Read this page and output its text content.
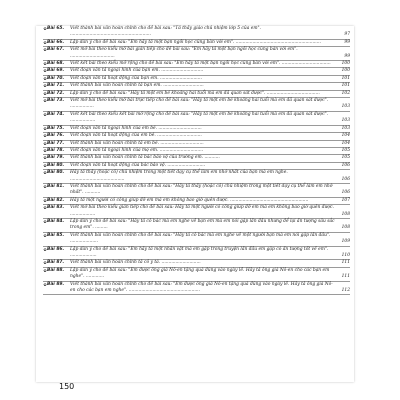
✿ Bài 65.	Viết thành bài văn hoàn chỉnh cho đề bài sau: "Tả thầy giáo chủ nhiệm lớp 5 của em". ..........................................................	97
✿ Bài 66.	Lập dàn ý cho đề bài sau: "Em hãy tả một bạn ngồi học cùng bàn với em". .............................................................	99
✿ Bài 67.	Viết mở bài theo kiểu mở bài gián tiếp cho đề bài sau: "Em hãy tả một bạn ngồi học cùng bàn với em". ................................	99
✿ Bài 68.	Viết kết bài theo kiểu mở rộng cho đề bài sau: "Em hãy tả một bạn ngồi học cùng bàn với em". ...................................	100
✿ Bài 69.	Viết đoạn văn tả ngoại hình của bạn em. ..............................	100
✿ Bài 70.	Viết đoạn văn tả hoạt động của bạn em. ..............................	101
✿ Bài 71.	Viết thành bài văn hoàn chỉnh tả bạn em. .............................	101
✿ Bài 72.	Lập dàn ý cho đề bài sau: "Hãy tả một em bé khoảng hai tuổi mà em đã quan sát được". ......................................	102
✿ Bài 73.	Viết mở bài theo kiểu mở bài trực tiếp cho đề bài sau: "Hãy tả một em bé khoảng hai tuổi mà em đã quan sát được". .................	103
✿ Bài 74.	Viết kết bài theo kiểu kết bài mở rộng cho đề bài sau: "Hãy tả một em bé khoảng hai tuổi mà em đã quan sát được". ..................	103
✿ Bài 75.	Viết đoạn văn tả ngoại hình của em bé. ...............................	103
✿ Bài 76.	Viết đoạn văn tả hoạt động của em bé. ................................	104
✿ Bài 77.	Viết thành bài văn hoàn chỉnh tả em bé. ...............................	104
✿ Bài 78.	Viết đoạn văn tả ngoại hình của mẹ em. ...............................	105
✿ Bài 79.	Viết thành bài văn hoàn chỉnh tả bác bảo vệ của trường em. ...........	105
✿ Bài 80.	Viết đoạn văn tả hoạt động của bác bảo vệ. ...........................	106
✿ Bài 80.	Hãy tả thầy (hoặc cô) chủ nhiệm trong một tiết dạy cụ thể làm em nhớ nhất của bạn mà em nghe. .......................................	106
✿ Bài 81.	Viết thành bài văn hoàn chỉnh cho đề bài sau: "Hãy tả thầy (hoặc cô) chủ nhiệm trong một tiết dạy cụ thể làm em nhớ nhất". ...........	106
✿ Bài 82.	Hãy tả một người có công giúp đỡ em mà em không bao giờ quên được. ........................................................	107
✿ Bài 83.	Viết mở bài theo kiểu gián tiếp cho đề bài sau: Hãy tả một người có công giúp đỡ em mà em không bao giờ quên được. ..................	108
✿ Bài 84.	Lập dàn ý cho đề bài sau: "Hãy tả cô bác mà em nghe về bạn em mà em nói gặp lần đầu nhưng để lại ấn tượng sâu sắc trong em". .........	108
✿ Bài 85.	Viết thành bài văn hoàn chỉnh cho đề bài sau: "Hãy tả cô bác mà em nghe về một người bạn mà em nói gặp lần đầu". ....................	109
✿ Bài 86.	Lập dàn ý cho đề bài sau: "Em hãy tả một nhân vật mà em gặp trong truyện lần đầu em gặp có ấn tượng tốt về em". ...................	110
✿ Bài 87.	Viết thành bài văn hoàn chỉnh tả cô y tá. ............................	111
✿ Bài 88.	Lập dàn ý cho đề bài sau: "Em được ông già Nô-en tặng quà đúng vào ngày lễ. Hãy tả ông già Nô-en cho các bạn em nghe". .............	111
✿ Bài 89.	Viết thành bài văn hoàn chỉnh cho đề bài sau: "Em được ông già Nô-en tặng quà đúng vào ngày lễ. Hãy tả ông già Nô-en cho các bạn em nghe". ...................................................	112
150
